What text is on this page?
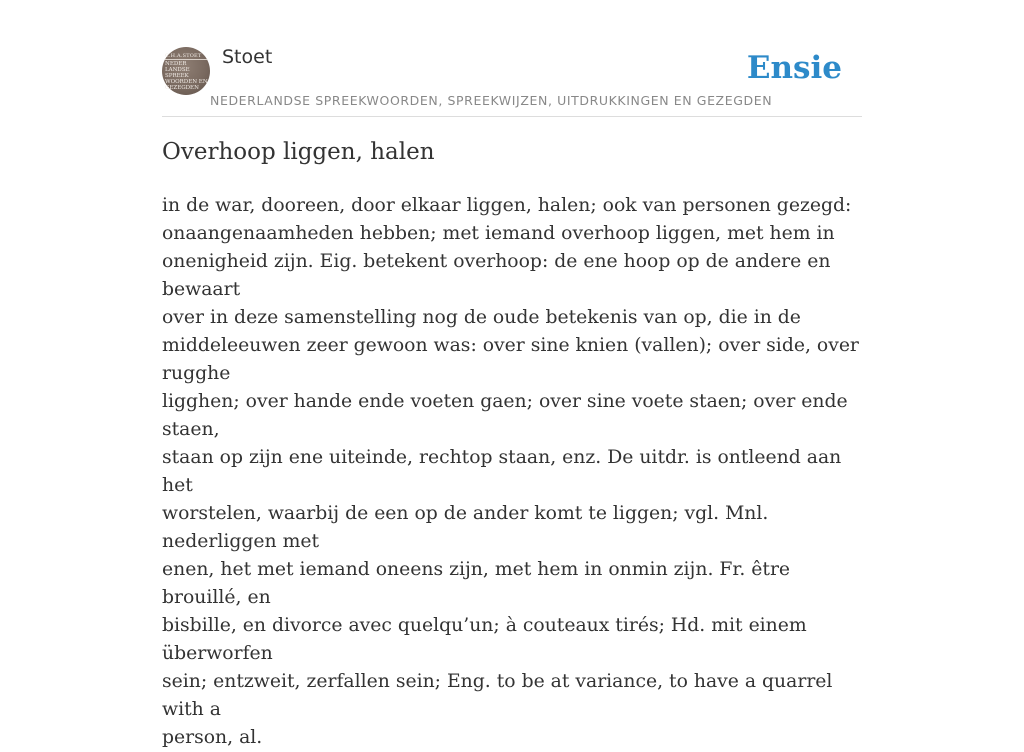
C.H.A.STOET
NEDER
LANDSE
SPREEK
WOORDEN EN
GEZEGDEN
Stoet
NEDERLANDSE SPREEKWOORDEN, SPREEKWIJZEN, UITDRUKKINGEN EN GEZEGDEN
Ensie
Overhoop liggen, halen
in de war, dooreen, door elkaar liggen, halen; ook van personen gezegd:
onaangenaamheden hebben; met iemand overhoop liggen, met hem in
onenigheid zijn. Eig. betekent overhoop: de ene hoop op de andere en bewaart
over in deze samenstelling nog de oude betekenis van op, die in de
middeleeuwen zeer gewoon was: over sine knien (vallen); over side, over rugghe
ligghen; over hande ende voeten gaen; over sine voete staen; over ende staen,
staan op zijn ene uiteinde, rechtop staan, enz. De uitdr. is ontleend aan het
worstelen, waarbij de een op de ander komt te liggen; vgl. Mnl. nederliggen met
enen, het met iemand oneens zijn, met hem in onmin zijn. Fr. être brouillé, en
bisbille, en divorce avec quelqu’un; à couteaux tirés; Hd. mit einem überworfen
sein; entzweit, zerfallen sein; Eng. to be at variance, to have a quarrel with a
person, al.
